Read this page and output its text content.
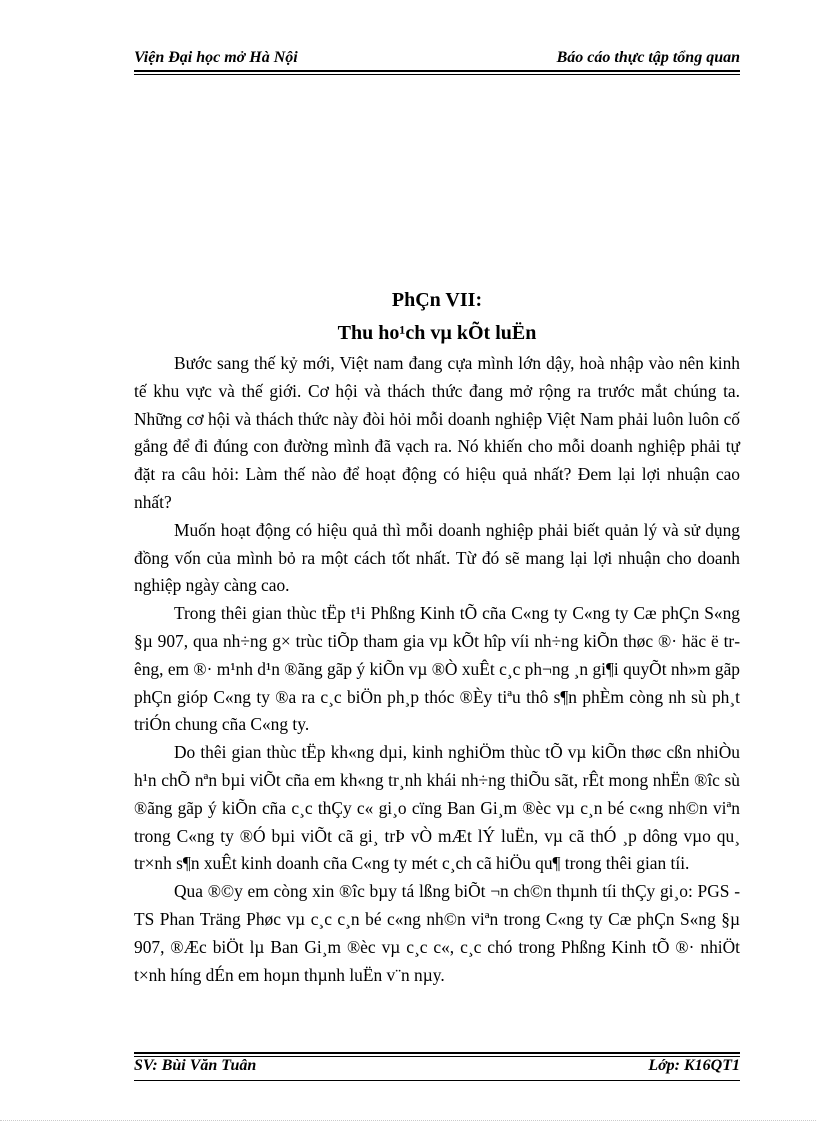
Viện Đại học mở Hà Nội	Báo cáo thực tập tổng quan
PhÇn VII:
Thu ho¹ch vµ kÕt luËn

Bước sang thế kỷ mới, Việt nam đang cựa mình lớn dậy, hoà nhập vào nên kinh tế khu vực và thế giới. Cơ hội và thách thức đang mở rộng ra trước mắt chúng ta. Những cơ hội và thách thức này đòi hỏi mỗi doanh nghiệp Việt Nam phải luôn luôn cố gắng để đi đúng con đường mình đã vạch ra. Nó khiến cho mỗi doanh nghiệp phải tự đặt ra câu hỏi: Làm thế nào để hoạt động có hiệu quả nhất? Đem lại lợi nhuận cao nhất?

Muốn hoạt động có hiệu quả thì mỗi doanh nghiệp phải biết quản lý và sử dụng đồng vốn của mình bỏ ra một cách tốt nhất. Từ đó sẽ mang lại lợi nhuận cho doanh nghiệp ngày càng cao.

Trong thêi gian thùc tËp t¹i Phßng Kinh tÕ cña C«ng ty C«ng ty Cæ phÇn S«ng §µ 907, qua nh÷ng g× trùc tiÕp tham gia vµ kÕt hîp víi nh÷ng kiÕn thøc ®· häc ë trêng, em ®· m¹nh d¹n ®ãng gãp ý kiÕn vµ ®Ò xuÊt c¸c ph¬ng ¸n gi¶i quyÕt nh»m gãp phÇn gióp C«ng ty ®a ra c¸c biÖn ph¸p thóc ®Èy tiªu thô s¶n phÈm còng nh sù ph¸t triÓn chung cña C«ng ty.

Do thêi gian thùc tËp kh«ng dµi, kinh nghiÖm thùc tÕ vµ kiÕn thøc cßn nhiÒu h¹n chÕ nªn bµi viÕt cña em kh«ng tr¸nh khái nh÷ng thiÕu sãt, rÊt mong nhËn ®îc sù ®ãng gãp ý kiÕn cña c¸c thÇy c« gi¸o cïng Ban Gi¸m ®èc vµ c¸n bé c«ng nh©n viªn trong C«ng ty ®Ó bµi viÕt cã gi¸ trÞ vÒ mÆt lÝ luËn, vµ cã thÓ ¸p dông vµo qu¸ tr×nh s¶n xuÊt kinh doanh cña C«ng ty mét c¸ch cã hiÖu qu¶ trong thêi gian tíi.

Qua ®©y em còng xin ®îc bµy tá lßng biÕt ¬n ch©n thµnh tíi thÇy gi¸o: PGS -TS Phan Träng Phøc vµ c¸c c¸n bé c«ng nh©n viªn trong C«ng ty Cæ phÇn S«ng §µ 907, ®Æc biÖt lµ Ban Gi¸m ®èc vµ c¸c c«, c¸c chó trong Phßng Kinh tÕ ®· nhiÖt t×nh híng dÉn em hoµn thµnh luËn v¨n nµy.

SV: Bùi Văn Tuân	Lớp: K16QT1
